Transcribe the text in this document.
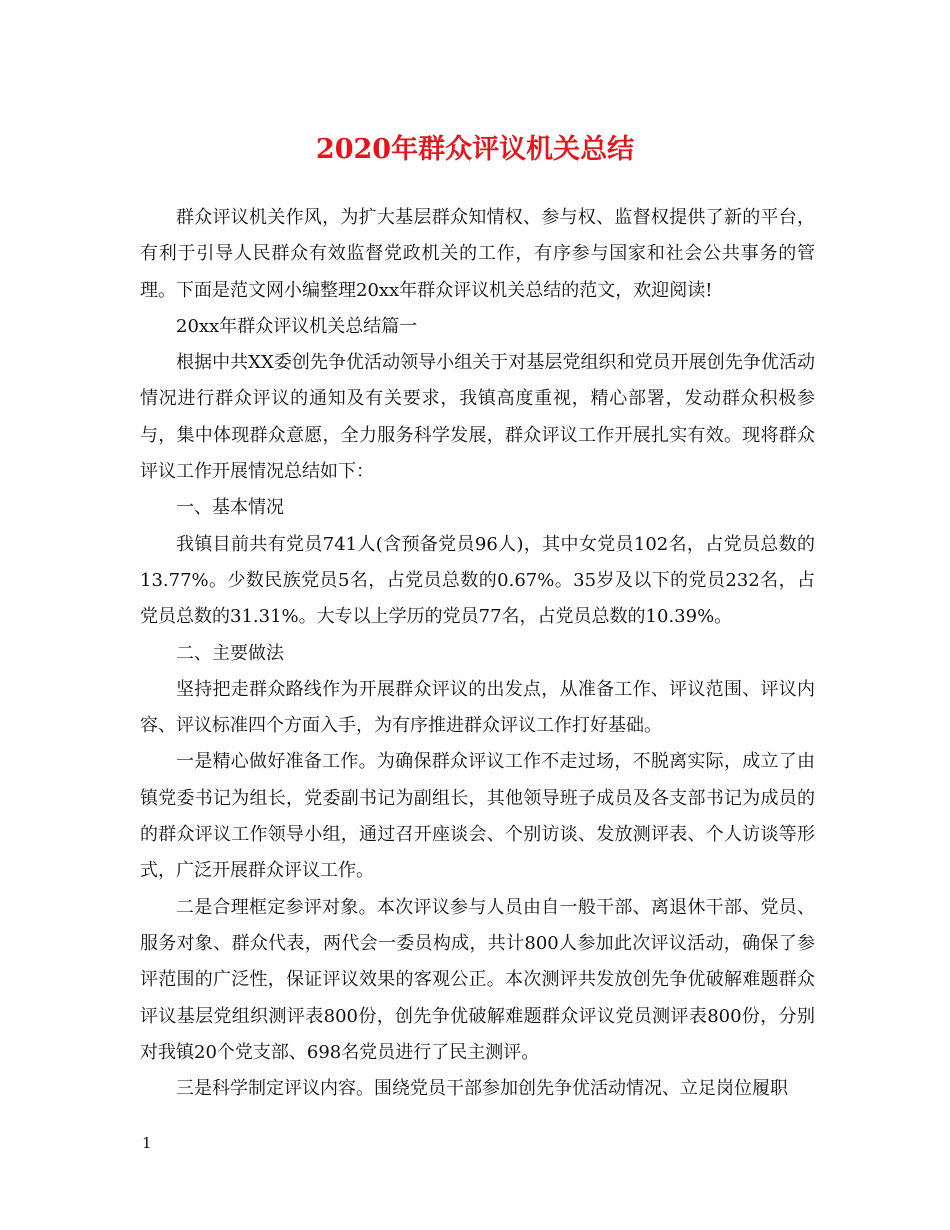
2020年群众评议机关总结

群众评议机关作风，为扩大基层群众知情权、参与权、监督权提供了新的平台，有利于引导人民群众有效监督党政机关的工作，有序参与国家和社会公共事务的管理。下面是范文网小编整理20xx年群众评议机关总结的范文，欢迎阅读!

20xx年群众评议机关总结篇一

根据中共XX委创先争优活动领导小组关于对基层党组织和党员开展创先争优活动情况进行群众评议的通知及有关要求，我镇高度重视，精心部署，发动群众积极参与，集中体现群众意愿，全力服务科学发展，群众评议工作开展扎实有效。现将群众评议工作开展情况总结如下：

一、基本情况

我镇目前共有党员741人(含预备党员96人)，其中女党员102名，占党员总数的13.77%。少数民族党员5名，占党员总数的0.67%。35岁及以下的党员232名，占党员总数的31.31%。大专以上学历的党员77名，占党员总数的10.39%。

二、主要做法

坚持把走群众路线作为开展群众评议的出发点，从准备工作、评议范围、评议内容、评议标准四个方面入手，为有序推进群众评议工作打好基础。

一是精心做好准备工作。为确保群众评议工作不走过场，不脱离实际，成立了由镇党委书记为组长，党委副书记为副组长，其他领导班子成员及各支部书记为成员的的群众评议工作领导小组，通过召开座谈会、个别访谈、发放测评表、个人访谈等形式，广泛开展群众评议工作。

二是合理框定参评对象。本次评议参与人员由自一般干部、离退休干部、党员、服务对象、群众代表，两代会一委员构成，共计800人参加此次评议活动，确保了参评范围的广泛性，保证评议效果的客观公正。本次测评共发放创先争优破解难题群众评议基层党组织测评表800份，创先争优破解难题群众评议党员测评表800份，分别对我镇20个党支部、698名党员进行了民主测评。

三是科学制定评议内容。围绕党员干部参加创先争优活动情况、立足岗位履职

1
